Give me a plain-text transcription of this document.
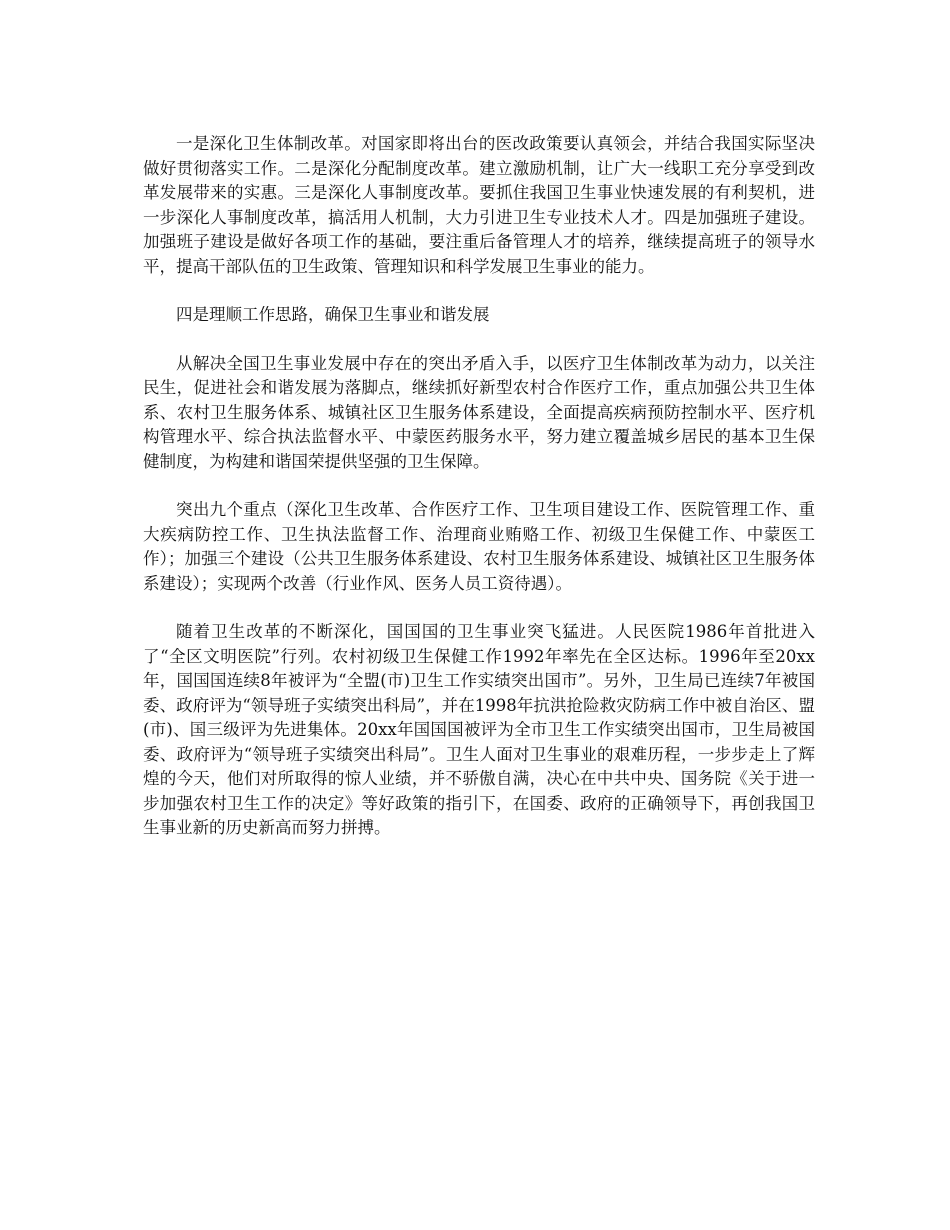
一是深化卫生体制改革。对国家即将出台的医改政策要认真领会，并结合我国实际坚决做好贯彻落实工作。二是深化分配制度改革。建立激励机制，让广大一线职工充分享受到改革发展带来的实惠。三是深化人事制度改革。要抓住我国卫生事业快速发展的有利契机，进一步深化人事制度改革，搞活用人机制，大力引进卫生专业技术人才。四是加强班子建设。加强班子建设是做好各项工作的基础，要注重后备管理人才的培养，继续提高班子的领导水平，提高干部队伍的卫生政策、管理知识和科学发展卫生事业的能力。

四是理顺工作思路，确保卫生事业和谐发展

从解决全国卫生事业发展中存在的突出矛盾入手，以医疗卫生体制改革为动力，以关注民生，促进社会和谐发展为落脚点，继续抓好新型农村合作医疗工作，重点加强公共卫生体系、农村卫生服务体系、城镇社区卫生服务体系建设，全面提高疾病预防控制水平、医疗机构管理水平、综合执法监督水平、中蒙医药服务水平，努力建立覆盖城乡居民的基本卫生保健制度，为构建和谐国荣提供坚强的卫生保障。

突出九个重点（深化卫生改革、合作医疗工作、卫生项目建设工作、医院管理工作、重大疾病防控工作、卫生执法监督工作、治理商业贿赂工作、初级卫生保健工作、中蒙医工作）；加强三个建设（公共卫生服务体系建设、农村卫生服务体系建设、城镇社区卫生服务体系建设）；实现两个改善（行业作风、医务人员工资待遇）。

随着卫生改革的不断深化，国国国的卫生事业突飞猛进。人民医院1986年首批进入了“全区文明医院”行列。农村初级卫生保健工作1992年率先在全区达标。1996年至20xx年，国国国连续8年被评为“全盟(市)卫生工作实绩突出国市”。另外，卫生局已连续7年被国委、政府评为“领导班子实绩突出科局”，并在1998年抗洪抢险救灾防病工作中被自治区、盟(市)、国三级评为先进集体。20xx年国国国被评为全市卫生工作实绩突出国市，卫生局被国委、政府评为“领导班子实绩突出科局”。卫生人面对卫生事业的艰难历程，一步步走上了辉煌的今天，他们对所取得的惊人业绩，并不骄傲自满，决心在中共中央、国务院《关于进一步加强农村卫生工作的决定》等好政策的指引下，在国委、政府的正确领导下，再创我国卫生事业新的历史新高而努力拼搏。
